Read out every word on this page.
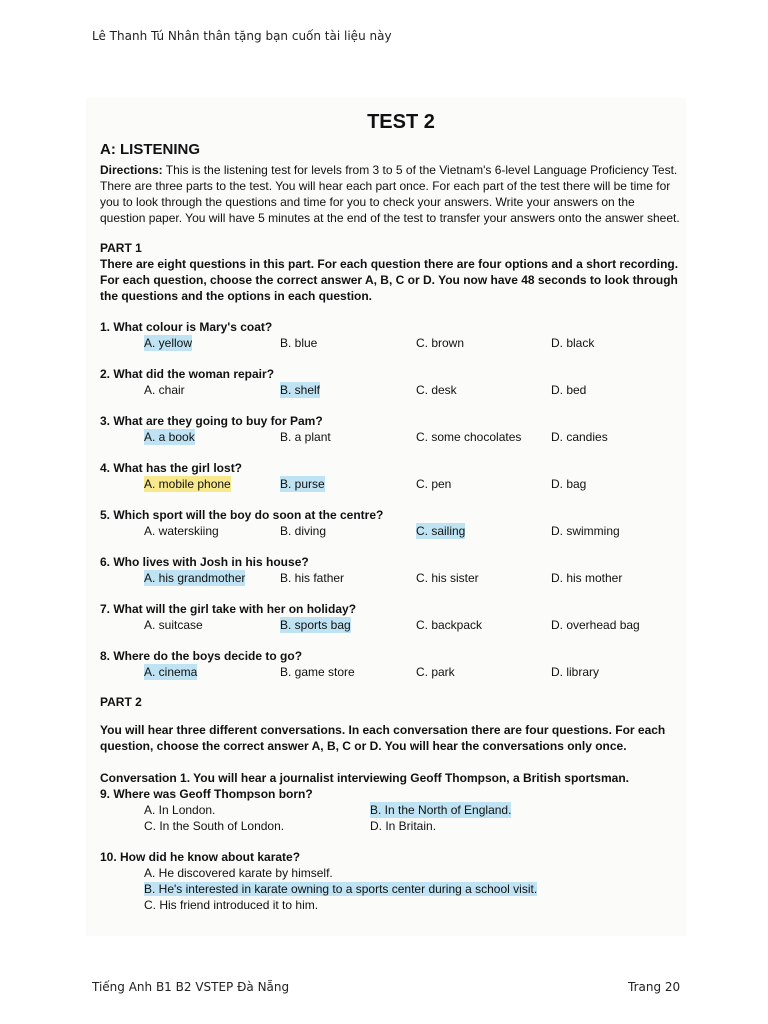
Lê Thanh Tú Nhân thân tặng bạn cuốn tài liệu này
TEST 2
A: LISTENING
Directions: This is the listening test for levels from 3 to 5 of the Vietnam's 6-level Language Proficiency Test. There are three parts to the test. You will hear each part once. For each part of the test there will be time for you to look through the questions and time for you to check your answers. Write your answers on the question paper. You will have 5 minutes at the end of the test to transfer your answers onto the answer sheet.
PART 1
There are eight questions in this part. For each question there are four options and a short recording. For each question, choose the correct answer A, B, C or D. You now have 48 seconds to look through the questions and the options in each question.
1. What colour is Mary's coat?
A. yellow	B. blue	C. brown	D. black
2. What did the woman repair?
A. chair	B. shelf	C. desk	D. bed
3. What are they going to buy for Pam?
A. a book	B. a plant	C. some chocolates D. candies
4. What has the girl lost?
A. mobile phone	B. purse	C. pen	D. bag
5. Which sport will the boy do soon at the centre?
A. waterskiing	B. diving	C. sailing	D. swimming
6. Who lives with Josh in his house?
A. his grandmother	B. his father	C. his sister	D. his mother
7. What will the girl take with her on holiday?
A. suitcase	B. sports bag	C. backpack	D. overhead bag
8. Where do the boys decide to go?
A. cinema	B. game store	C. park	D. library
PART 2
You will hear three different conversations. In each conversation there are four questions. For each question, choose the correct answer A, B, C or D. You will hear the conversations only once.
Conversation 1. You will hear a journalist interviewing Geoff Thompson, a British sportsman.
9. Where was Geoff Thompson born?
A. In London.	B. In the North of England.
C. In the South of London.	D. In Britain.
10. How did he know about karate?
A. He discovered karate by himself.
B. He's interested in karate owning to a sports center during a school visit.
C. His friend introduced it to him.
Tiếng Anh B1 B2 VSTEP Đà Nẵng	Trang 20
